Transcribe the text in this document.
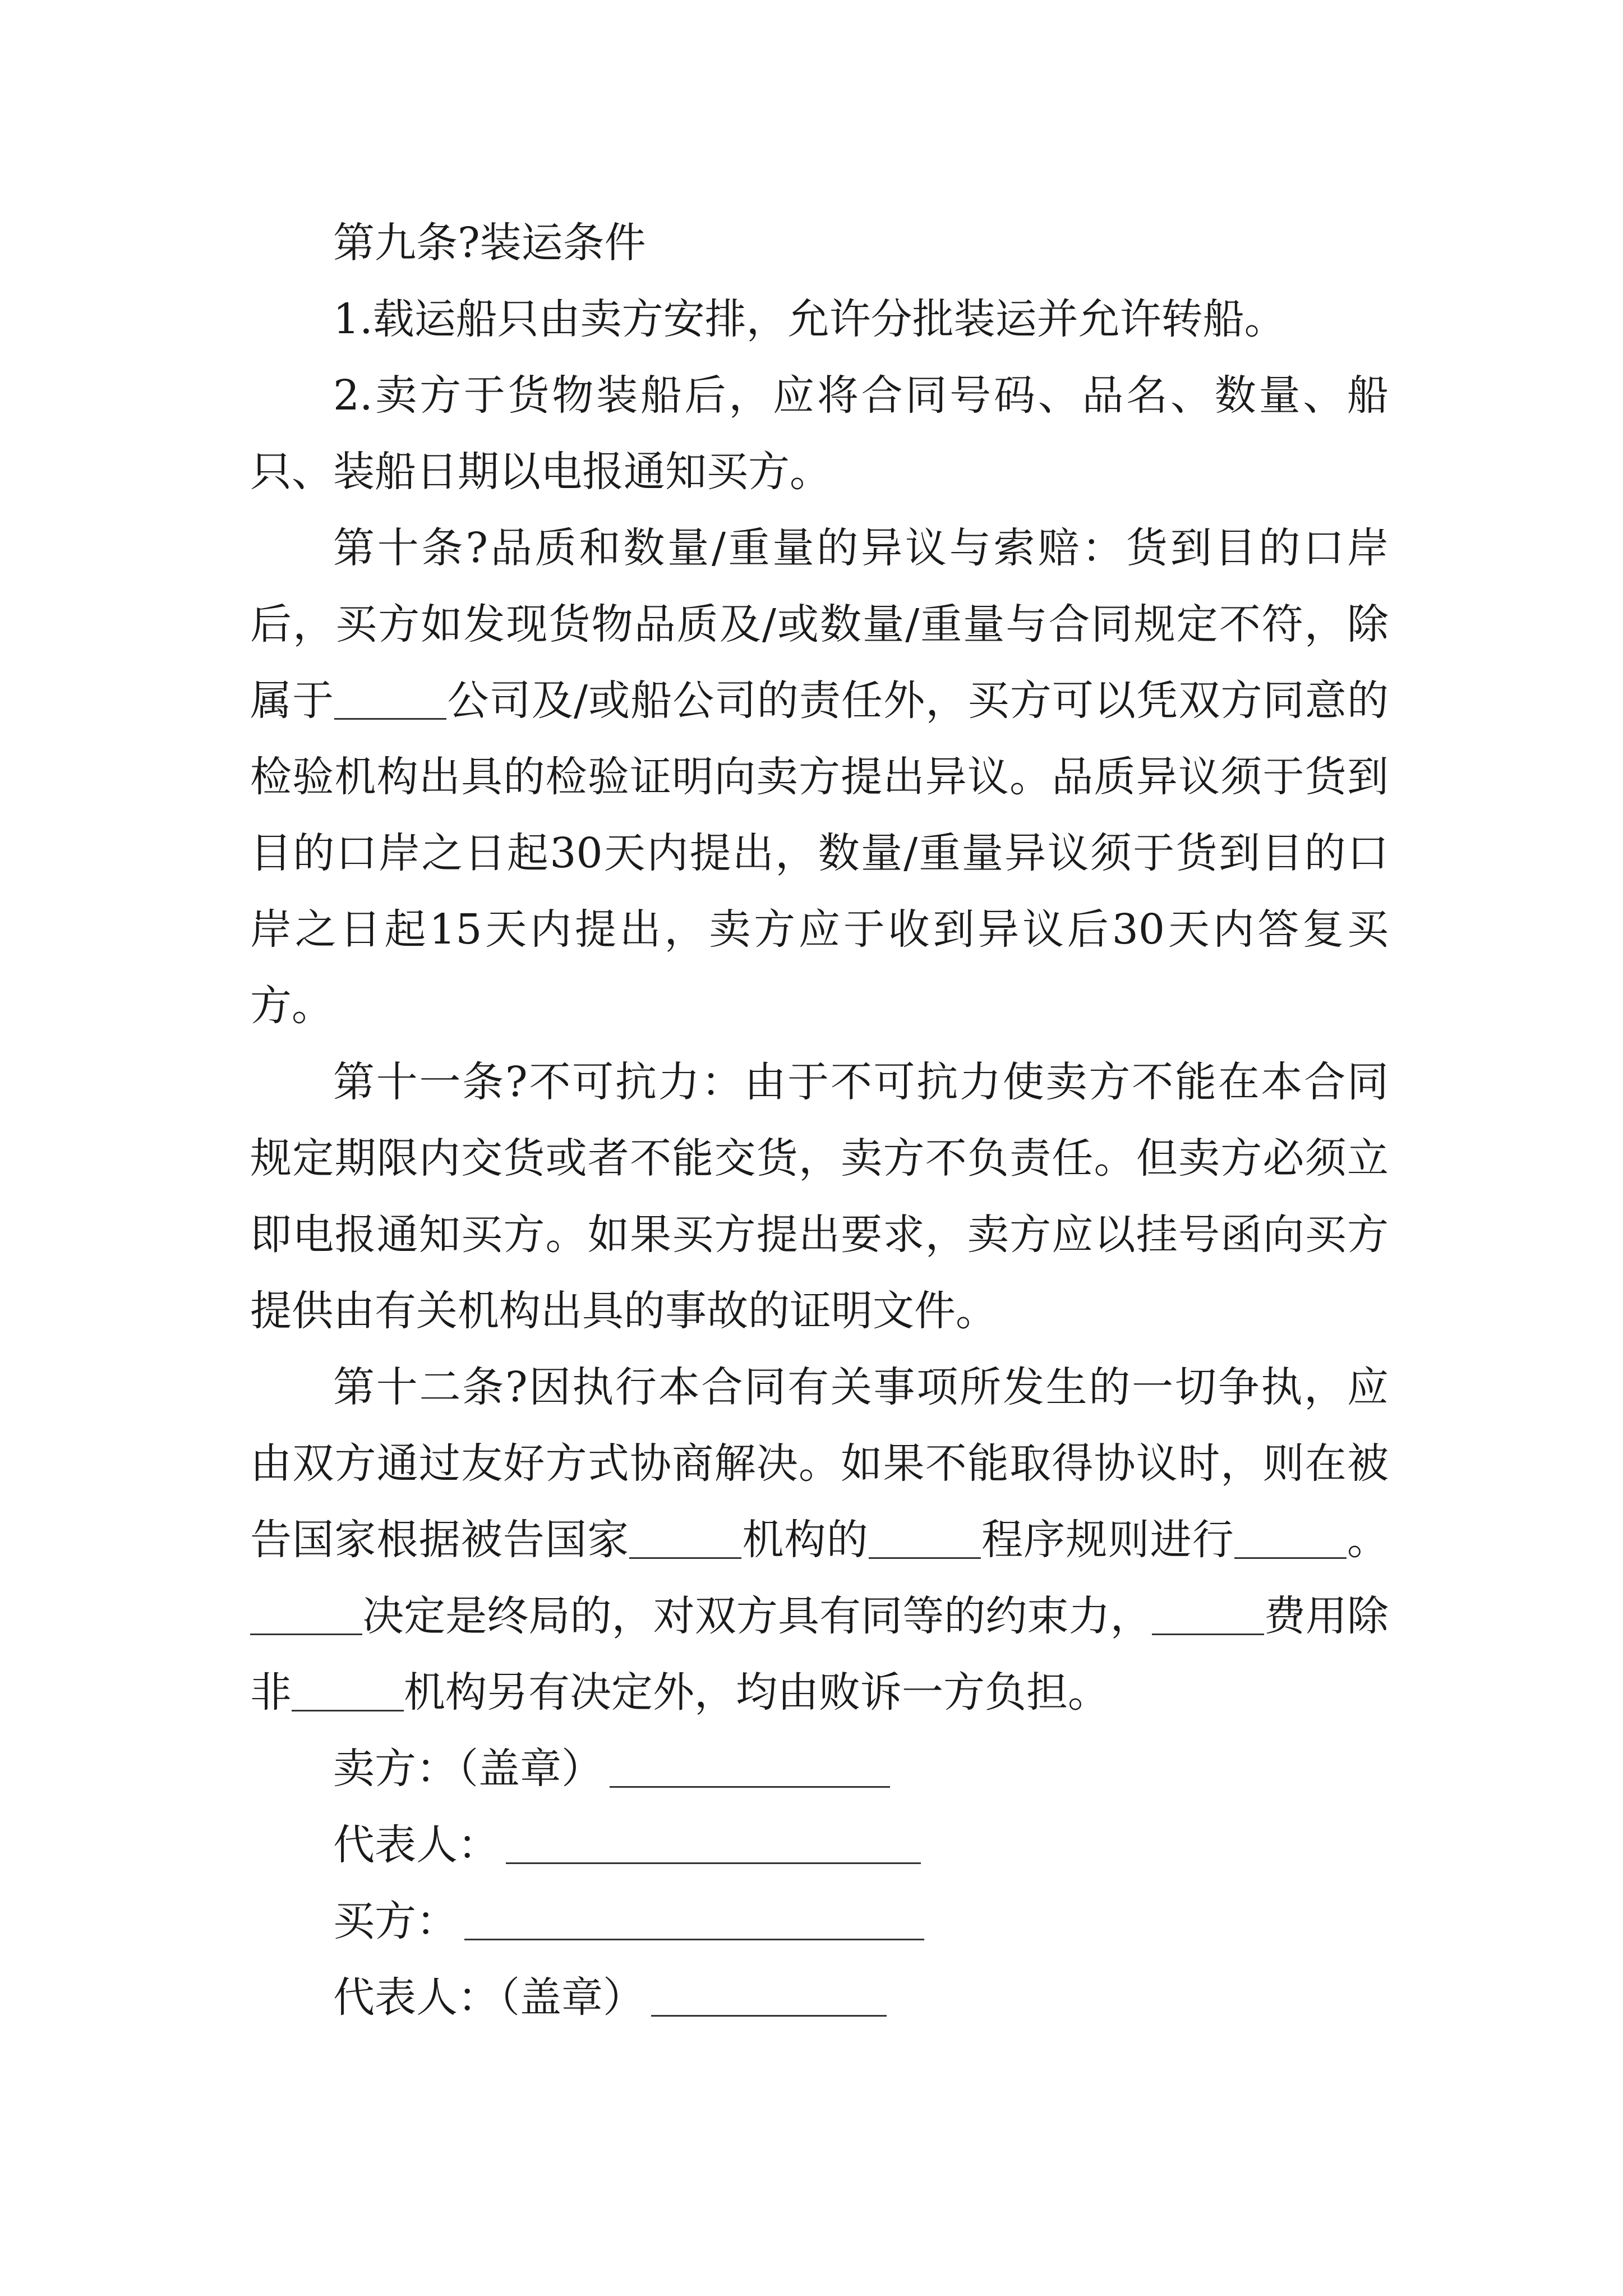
第九条?装运条件

1.载运船只由卖方安排，允许分批装运并允许转船。

2.卖方于货物装船后，应将合同号码、品名、数量、船只、装船日期以电报通知买方。

第十条?品质和数量/重量的异议与索赔：货到目的口岸后，买方如发现货物品质及/或数量/重量与合同规定不符，除属于	公司及/或船公司的责任外，买方可以凭双方同意的检验机构出具的检验证明向卖方提出异议。品质异议须于货到目的口岸之日起30天内提出，数量/重量异议须于货到目的口岸之日起15天内提出，卖方应于收到异议后30天内答复买方。

第十一条?不可抗力：由于不可抗力使卖方不能在本合同规定期限内交货或者不能交货，卖方不负责任。但卖方必须立即电报通知买方。如果买方提出要求，卖方应以挂号函向买方提供由有关机构出具的事故的证明文件。

第十二条?因执行本合同有关事项所发生的一切争执，应由双方通过友好方式协商解决。如果不能取得协议时，则在被告国家根据被告国家	机构的	程序规则进行	。决定是终局的，对双方具有同等的约束力，	费用除非	机构另有决定外，均由败诉一方负担。

卖方：（盖章）

代表人：

买方：

代表人：（盖章）
